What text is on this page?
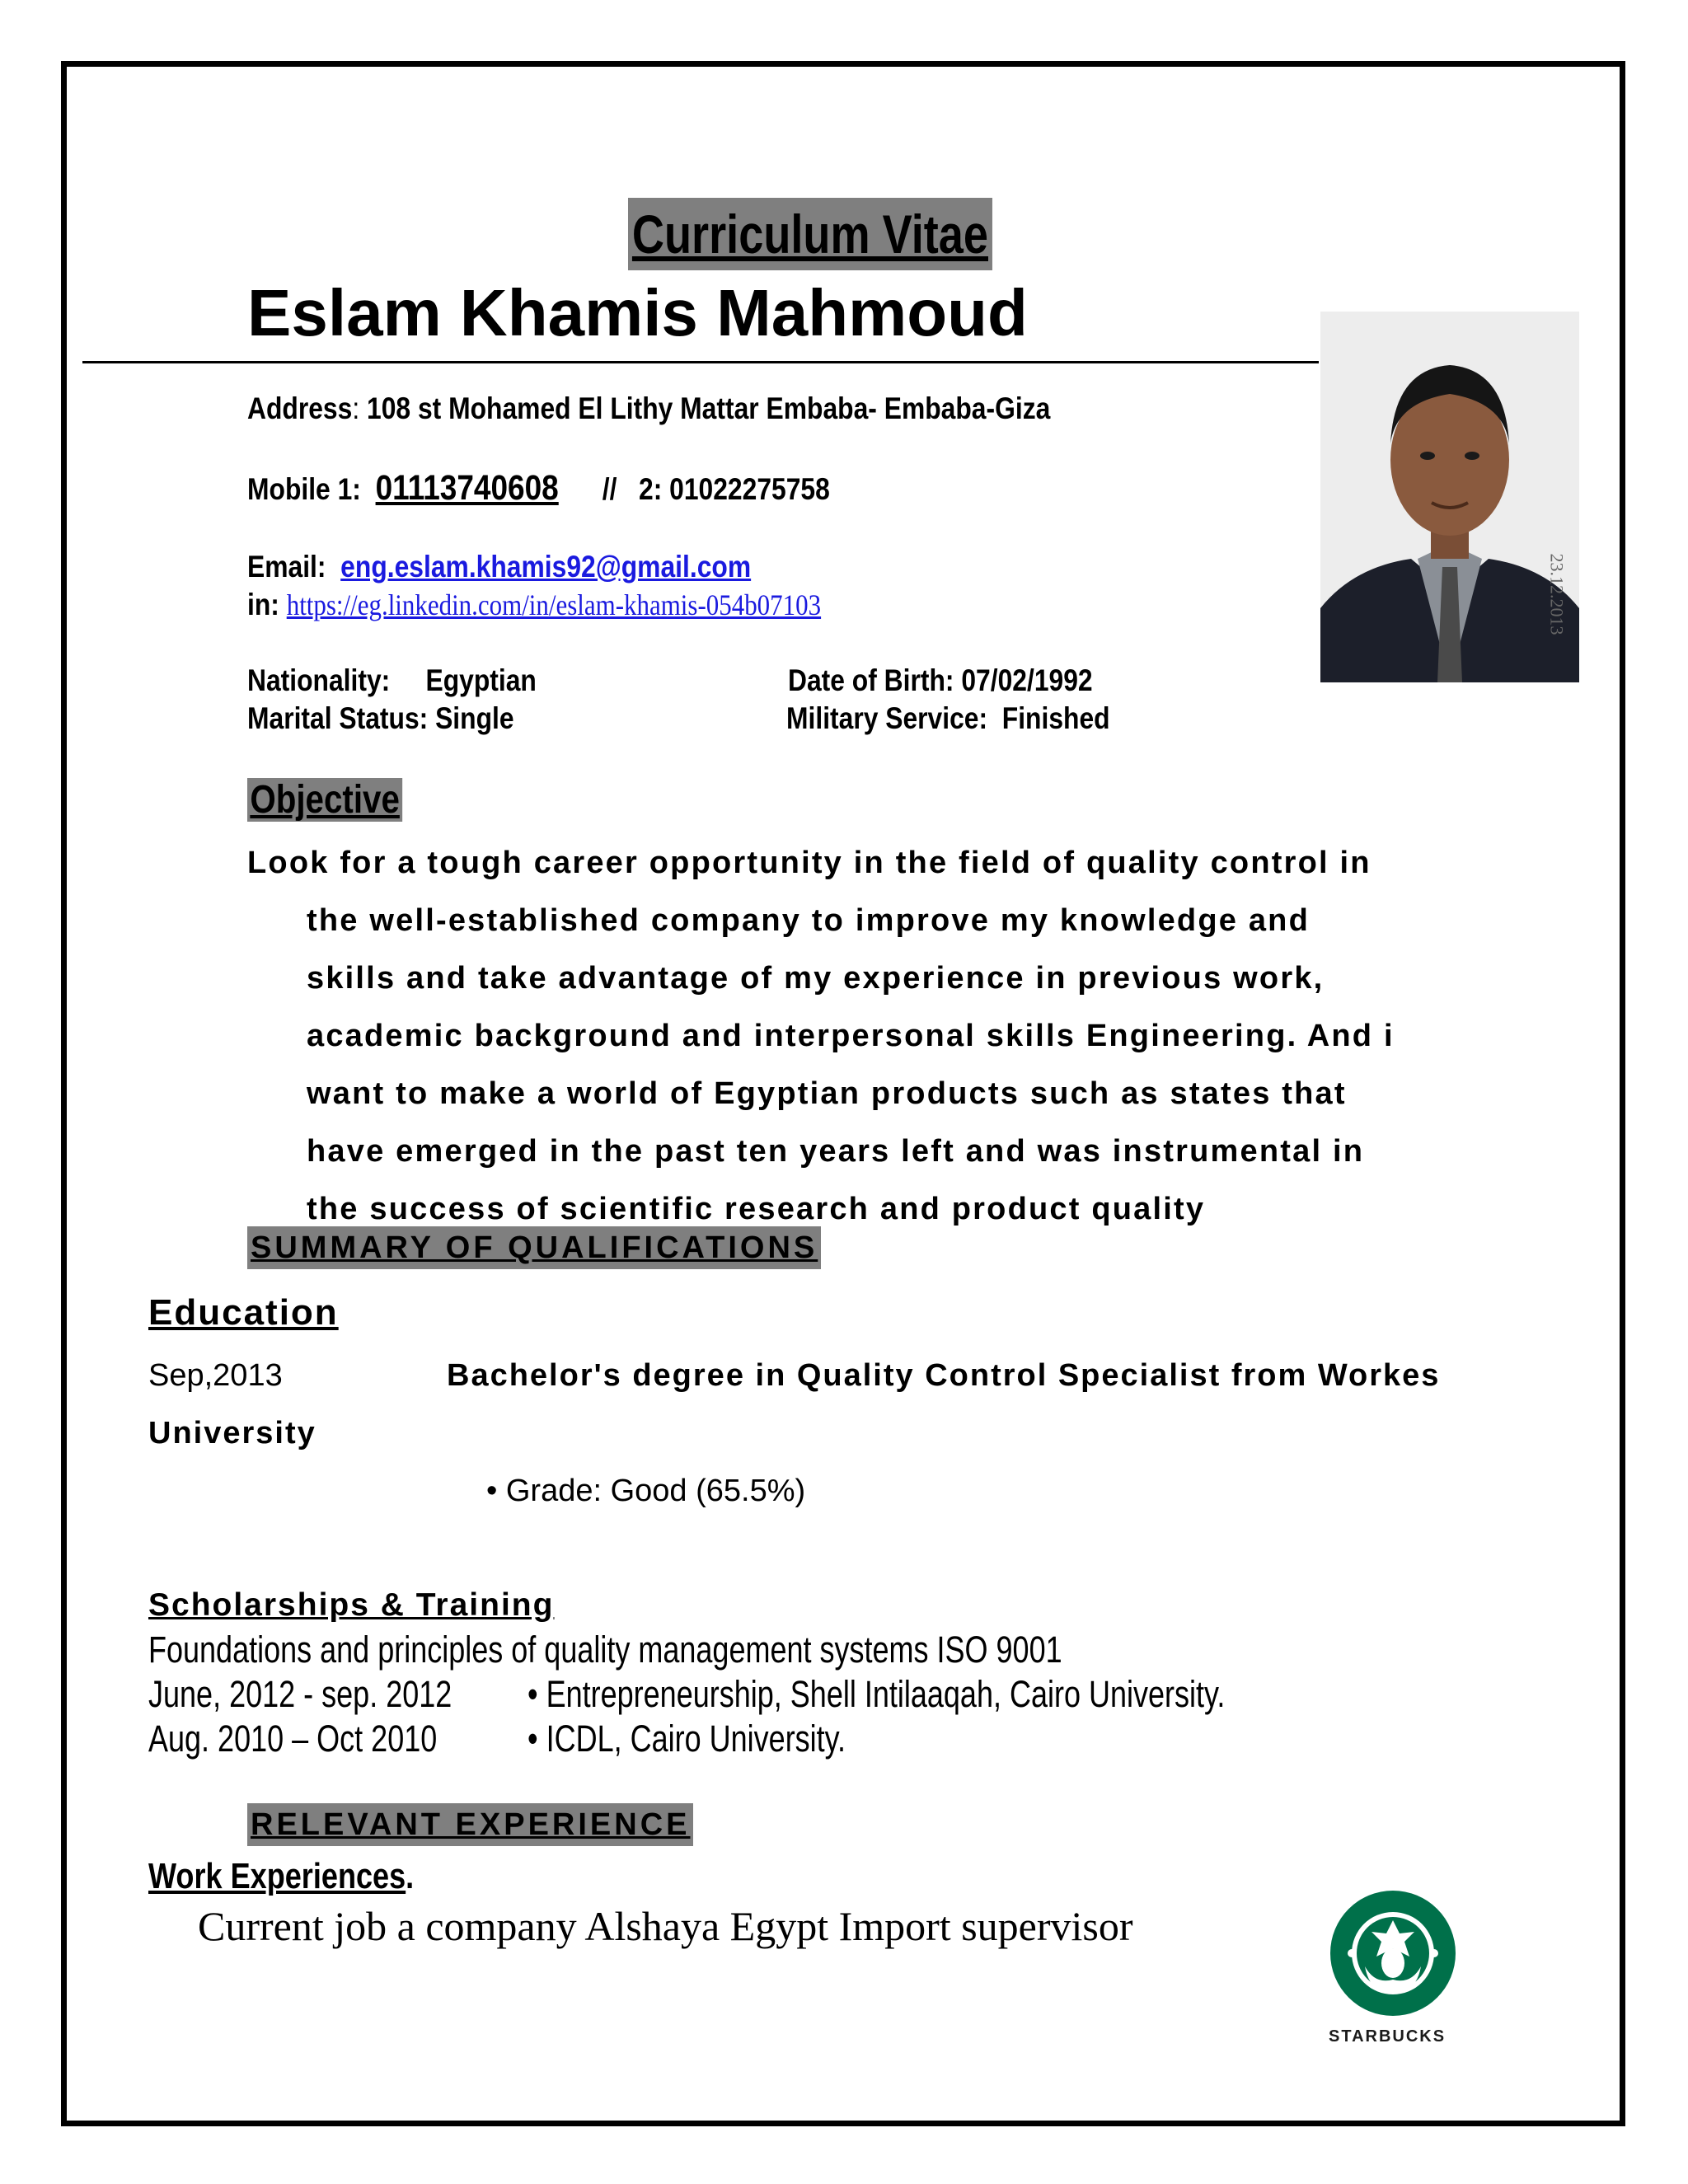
Curriculum Vitae
Eslam Khamis Mahmoud
Address: 108 st Mohamed El Lithy Mattar Embaba- Embaba-Giza
Mobile 1: 01113740608 //   2: 01022275758
Email: eng.eslam.khamis92@gmail.com
in: https://eg.linkedin.com/in/eslam-khamis-054b07103
Nationality: Egyptian	Date of Birth: 07/02/1992
Marital Status: Single	Military Service: Finished
23.12.2013
Objective
Look for a tough career opportunity in the field of quality control in
the well-established company to improve my knowledge and
skills and take advantage of my experience in previous work,
academic background and interpersonal skills Engineering. And i
want to make a world of Egyptian products such as states that
have emerged in the past ten years left and was instrumental in
the success of scientific research and product quality
SUMMARY OF QUALIFICATIONS
Education
Sep,2013	Bachelor's degree in Quality Control Specialist from Workes
University
• Grade: Good (65.5%)
Scholarships & Training
Foundations and principles of quality management systems ISO 9001
June, 2012 - sep. 2012 • Entrepreneurship, Shell Intilaaqah, Cairo University.
Aug. 2010 – Oct 2010 • ICDL, Cairo University.
RELEVANT EXPERIENCE
Work Experiences.
Current job a company Alshaya Egypt Import supervisor
STARBUCKS
